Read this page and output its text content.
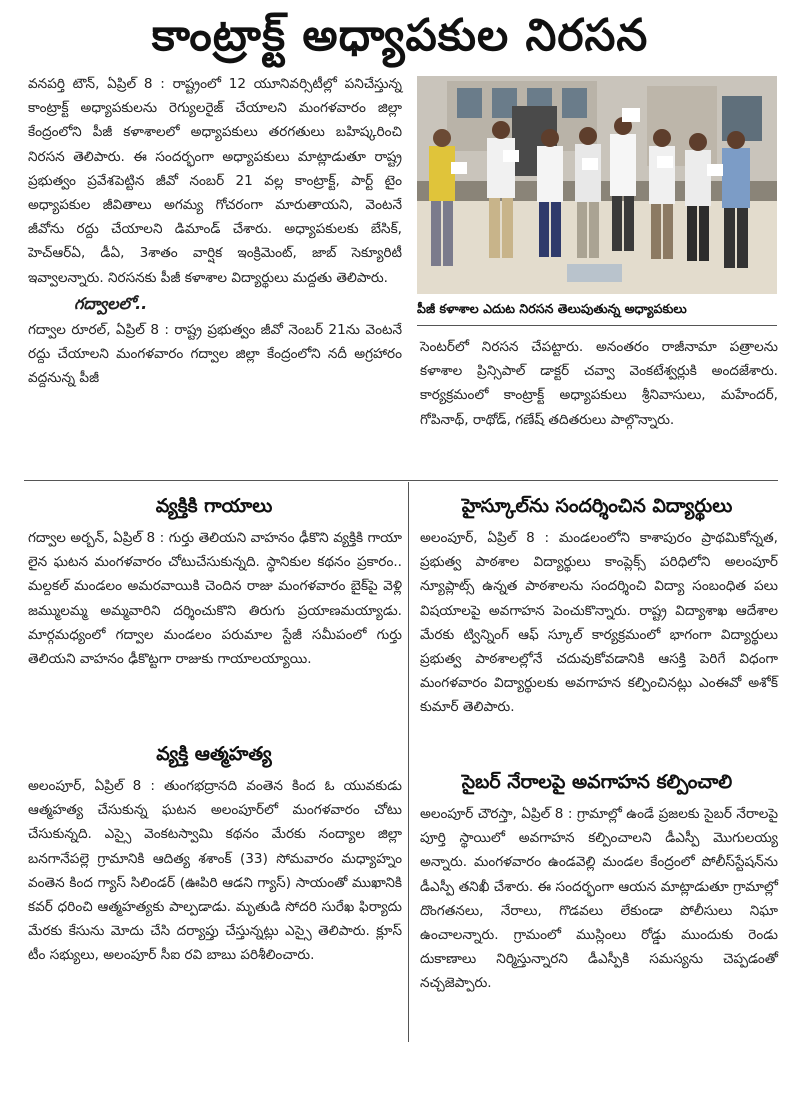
కాంట్రాక్ట్ అధ్యాపకుల నిరసన

వనపర్తి టౌన్, ఏప్రిల్ 8 : రాష్ట్రంలో 12 యూనివర్సిటీల్లో పనిచేస్తున్న కాంట్రాక్ట్ అధ్యాపకులను రెగ్యులరైజ్ చేయాలని మంగళవారం జిల్లా కేంద్రంలోని పీజీ కళాశాలలో అధ్యాపకులు తరగతులు బహిష్కరించి నిరసన తెలిపారు. ఈ సందర్భంగా అధ్యాపకులు మాట్లాడుతూ రాష్ట్ర ప్రభుత్వం ప్రవేశపెట్టిన జీవో నంబర్ 21 వల్ల కాంట్రాక్ట్, పార్ట్ టైం అధ్యాపకుల జీవితాలు అగమ్య గోచరంగా మారుతాయని, వెంటనే జీవోను రద్దు చేయాలని డిమాండ్ చేశారు. అధ్యాపకులకు బేసిక్, హెచ్ఆర్ఏ, డీఏ, 3శాతం వార్షిక ఇంక్రిమెంట్, జాబ్ సెక్యూరిటీ ఇవ్వాలన్నారు. నిరసనకు పీజీ కళాశాల విద్యార్థులు మద్దతు తెలిపారు.

గద్వాలలో..

గద్వాల రూరల్, ఏప్రిల్ 8 : రాష్ట్ర ప్రభుత్వం జీవో నెంబర్ 21ను వెంటనే రద్దు చేయాలని మంగళవారం గద్వాల జిల్లా కేంద్రంలోని నదీ అగ్రహారం వద్దనున్న పీజీ

పీజీ కళాశాల ఎదుట నిరసన తెలుపుతున్న అధ్యాపకులు
సెంటర్‌లో నిరసన చేపట్టారు. అనంతరం రాజీనామా పత్రాలను కళాశాల ప్రిన్సిపాల్ డాక్టర్ చవ్వా వెంకటేశ్వర్లుకి అందజేశారు. కార్యక్రమంలో కాంట్రాక్ట్ అధ్యాపకులు శ్రీనివాసులు, మహేందర్, గోపినాథ్, రాథోడ్, గణేష్ తదితరులు పాల్గొన్నారు.
వ్యక్తికి గాయాలు
గద్వాల అర్బన్, ఏప్రిల్ 8 : గుర్తు తెలియని వాహనం ఢీకొని వ్యక్తికి గాయా లైన ఘటన మంగళవారం చోటుచేసుకున్నది. స్థానికుల కథనం ప్రకారం.. మల్దకల్ మండలం అమరవాయికి చెందిన రాజు మంగళవారం బైక్‌పై వెళ్లి జమ్ములమ్మ అమ్మవారిని దర్శించుకొని తిరుగు ప్రయాణమయ్యాడు. మార్గమధ్యంలో గద్వాల మండలం పరుమాల స్టేజీ సమీపంలో గుర్తు తెలియని వాహనం ఢీకొట్టగా రాజుకు గాయాలయ్యాయి.
వ్యక్తి ఆత్మహత్య
అలంపూర్, ఏప్రిల్ 8 : తుంగభద్రానది వంతెన కింద ఓ యువకుడు ఆత్మహత్య చేసుకున్న ఘటన అలంపూర్‌లో మంగళవారం చోటు చేసుకున్నది. ఎస్సై వెంకటస్వామి కథనం మేరకు నంద్యాల జిల్లా బనగానేపల్లె గ్రామానికి ఆదిత్య శశాంక్ (33) సోమవారం మధ్యాహ్నం వంతెన కింద గ్యాస్ సిలిండర్ (ఊపిరి ఆడని గ్యాస్) సాయంతో ముఖానికి కవర్ ధరించి ఆత్మహత్యకు పాల్పడాడు. మృతుడి సోదరి సురేఖ ఫిర్యాదు మేరకు కేసును మోదు చేసి దర్యాప్తు చేస్తున్నట్లు ఎస్సై తెలిపారు. క్లూస్ టీం సభ్యులు, అలంపూర్ సీఐ రవి బాబు పరిశీలించారు.
హైస్కూల్‌ను సందర్శించిన విద్యార్థులు
అలంపూర్, ఏప్రిల్ 8 : మండలంలోని కాశాపురం ప్రాథమికోన్నత, ప్రభుత్వ పాఠశాల విద్యార్థులు కాంప్లెక్స్ పరిధిలోని అలంపూర్ న్యూప్లాట్స్ ఉన్నత పాఠశాలను సందర్శించి విద్యా సంబంధిత పలు విషయాలపై అవగాహన పెంచుకొన్నారు. రాష్ట్ర విద్యాశాఖ ఆదేశాల మేరకు ట్విన్నింగ్ ఆఫ్ స్కూల్ కార్యక్రమంలో భాగంగా విద్యార్థులు ప్రభుత్వ పాఠశాలల్లోనే చదువుకోవడానికి ఆసక్తి పెరిగే విధంగా మంగళవారం విద్యార్థులకు అవగాహన కల్పించినట్లు ఎంఈవో అశోక్ కుమార్ తెలిపారు.
సైబర్ నేరాలపై అవగాహన కల్పించాలి
అలంపూర్ చౌరస్తా, ఏప్రిల్ 8 : గ్రామాల్లో ఉండే ప్రజలకు సైబర్ నేరాలపై పూర్తి స్థాయిలో అవగాహన కల్పించాలని డీఎస్పీ మొగులయ్య అన్నారు. మంగళవారం ఉండవెల్లి మండల కేంద్రంలో పోలీస్‌స్టేషన్‌ను డీఎస్పీ తనిఖీ చేశారు. ఈ సందర్భంగా ఆయన మాట్లాడుతూ గ్రామాల్లో దొంగతనలు, నేరాలు, గొడవలు లేకుండా పోలీసులు నిఘా ఉంచాలన్నారు. గ్రామంలో ముస్లింలు రోడ్డు ముందుకు రెండు దుకాణాలు నిర్మిస్తున్నారని డీఎస్పీకి సమస్యను చెప్పడంతో నచ్చజెప్పారు.
